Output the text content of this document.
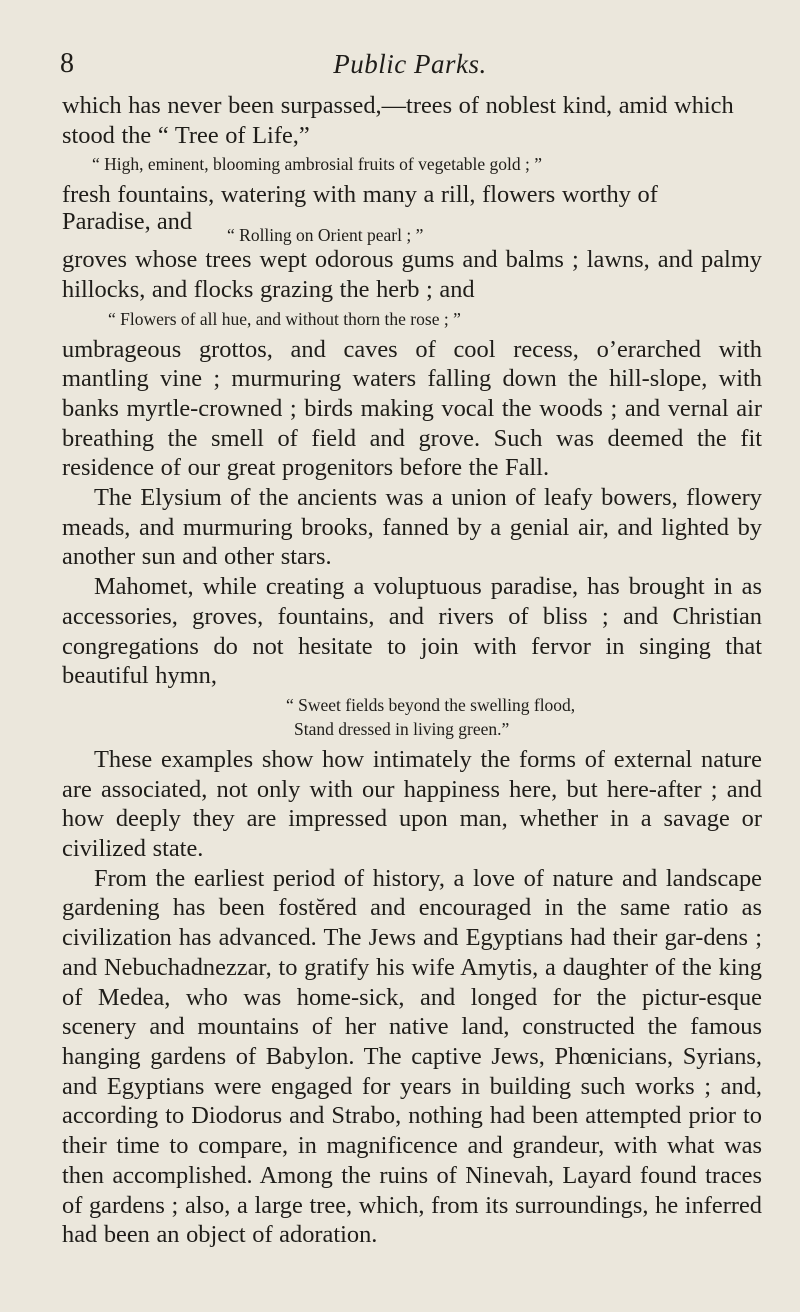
8	Public Parks.

which has never been surpassed,—trees of noblest kind, amid which stood the “ Tree of Life,”

“ High, eminent, blooming ambrosial fruits of vegetable gold ; ”

fresh fountains, watering with many a rill, flowers worthy of

Paradise, and “ Rolling on Orient pearl ; ”

groves whose trees wept odorous gums and balms ; lawns, and palmy hillocks, and flocks grazing the herb ; and

“ Flowers of all hue, and without thorn the rose ; ”

umbrageous grottos, and caves of cool recess, o’erarched with mantling vine ; murmuring waters falling down the hill-slope, with banks myrtle-crowned ; birds making vocal the woods ; and vernal air breathing the smell of field and grove. Such was deemed the fit residence of our great progenitors before the Fall.

The Elysium of the ancients was a union of leafy bowers, flowery meads, and murmuring brooks, fanned by a genial air, and lighted by another sun and other stars.

Mahomet, while creating a voluptuous paradise, has brought in as accessories, groves, fountains, and rivers of bliss ; and Christian congregations do not hesitate to join with fervor in singing that beautiful hymn,

“ Sweet fields beyond the swelling flood,
Stand dressed in living green.”

These examples show how intimately the forms of external nature are associated, not only with our happiness here, but here-after ; and how deeply they are impressed upon man, whether in a savage or civilized state.

From the earliest period of history, a love of nature and landscape gardening has been fostĕred and encouraged in the same ratio as civilization has advanced. The Jews and Egyptians had their gar-dens ; and Nebuchadnezzar, to gratify his wife Amytis, a daughter of the king of Medea, who was home-sick, and longed for the pictur-esque scenery and mountains of her native land, constructed the famous hanging gardens of Babylon. The captive Jews, Phœnicians, Syrians, and Egyptians were engaged for years in building such works ; and, according to Diodorus and Strabo, nothing had been attempted prior to their time to compare, in magnificence and grandeur, with what was then accomplished. Among the ruins of Ninevah, Layard found traces of gardens ; also, a large tree, which, from its surroundings, he inferred had been an object of adoration.
